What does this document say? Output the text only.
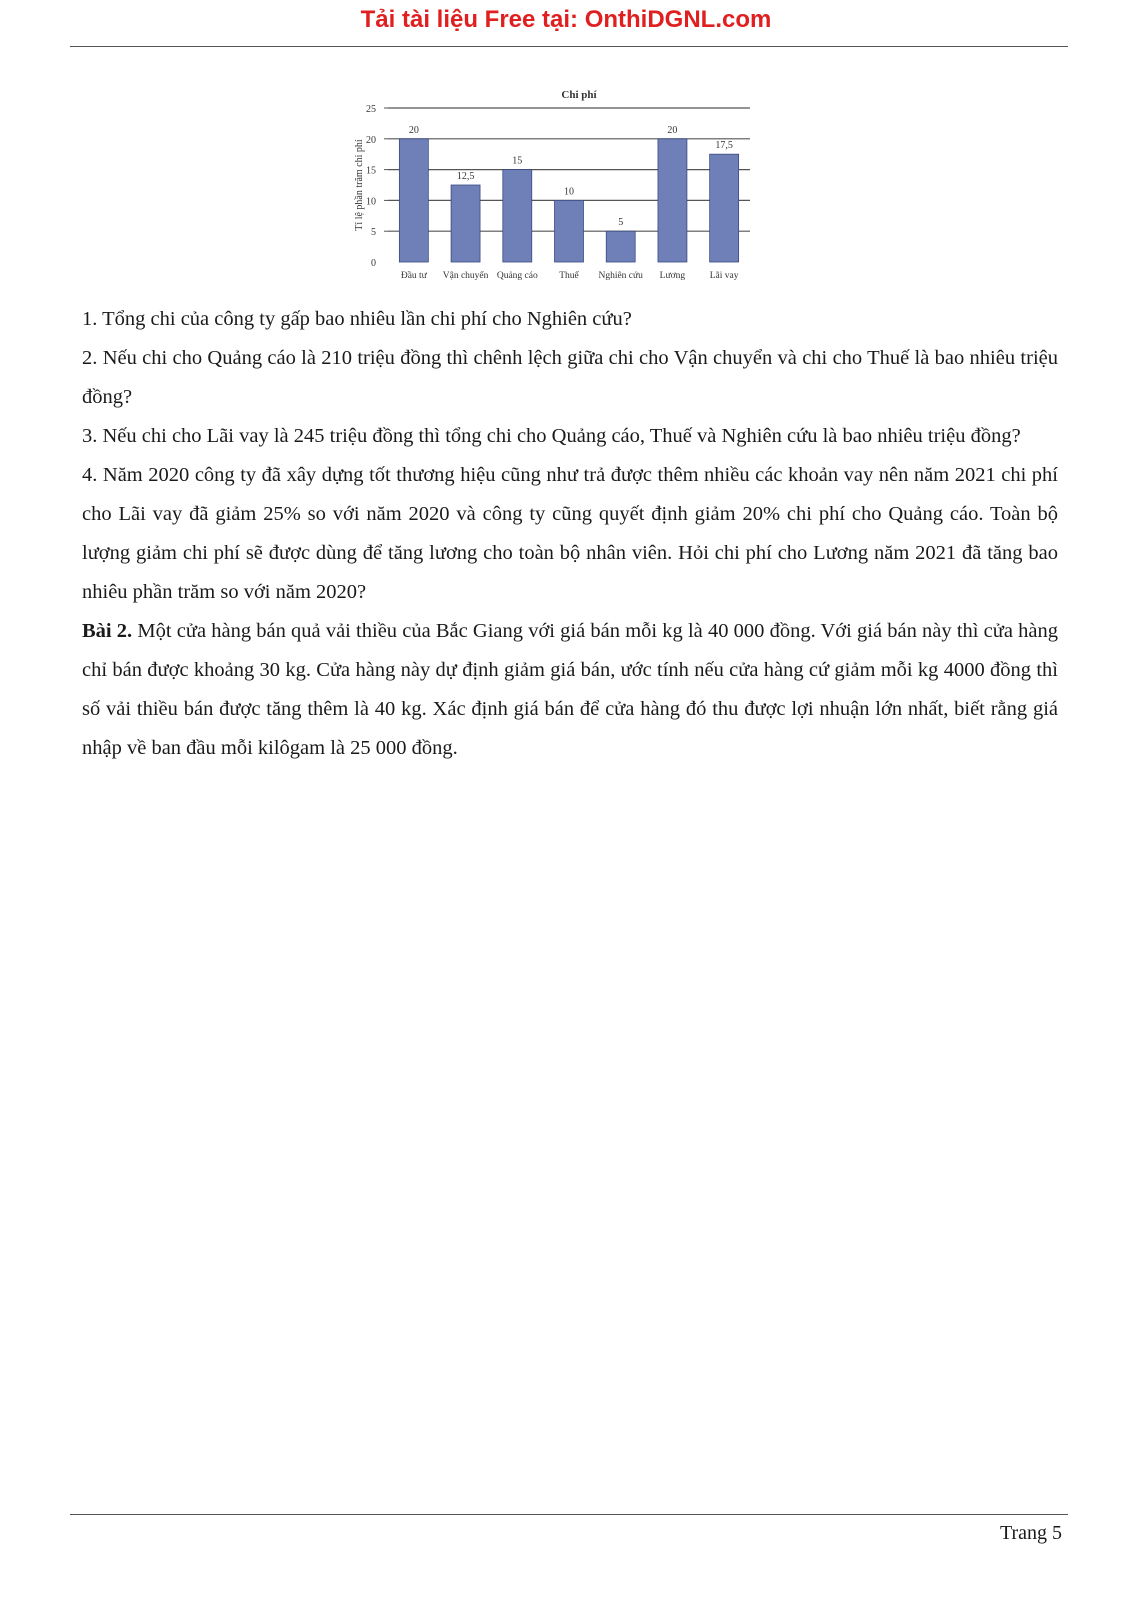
Tải tài liệu Free tại: OnthiDGNL.com
Chi phí
Tỉ lệ phần trăm chi phí
0
5
10
15
20
25
20
Đầu tư
12,5
Vận chuyển
15
Quảng cáo
10
Thuế
5
Nghiên cứu
20
Lương
17,5
Lãi vay

1. Tổng chi của công ty gấp bao nhiêu lần chi phí cho Nghiên cứu?

2. Nếu chi cho Quảng cáo là 210 triệu đồng thì chênh lệch giữa chi cho Vận chuyển và chi cho Thuế là bao nhiêu triệu đồng?

3. Nếu chi cho Lãi vay là 245 triệu đồng thì tổng chi cho Quảng cáo, Thuế và Nghiên cứu là bao nhiêu triệu đồng?

4. Năm 2020 công ty đã xây dựng tốt thương hiệu cũng như trả được thêm nhiều các khoản vay nên năm 2021 chi phí cho Lãi vay đã giảm 25% so với năm 2020 và công ty cũng quyết định giảm 20% chi phí cho Quảng cáo. Toàn bộ lượng giảm chi phí sẽ được dùng để tăng lương cho toàn bộ nhân viên. Hỏi chi phí cho Lương năm 2021 đã tăng bao nhiêu phần trăm so với năm 2020?

Bài 2. Một cửa hàng bán quả vải thiều của Bắc Giang với giá bán mỗi kg là 40 000 đồng. Với giá bán này thì cửa hàng chỉ bán được khoảng 30 kg. Cửa hàng này dự định giảm giá bán, ước tính nếu cửa hàng cứ giảm mỗi kg 4000 đồng thì số vải thiều bán được tăng thêm là 40 kg. Xác định giá bán để cửa hàng đó thu được lợi nhuận lớn nhất, biết rằng giá nhập về ban đầu mỗi kilôgam là 25 000 đồng.

Trang 5
